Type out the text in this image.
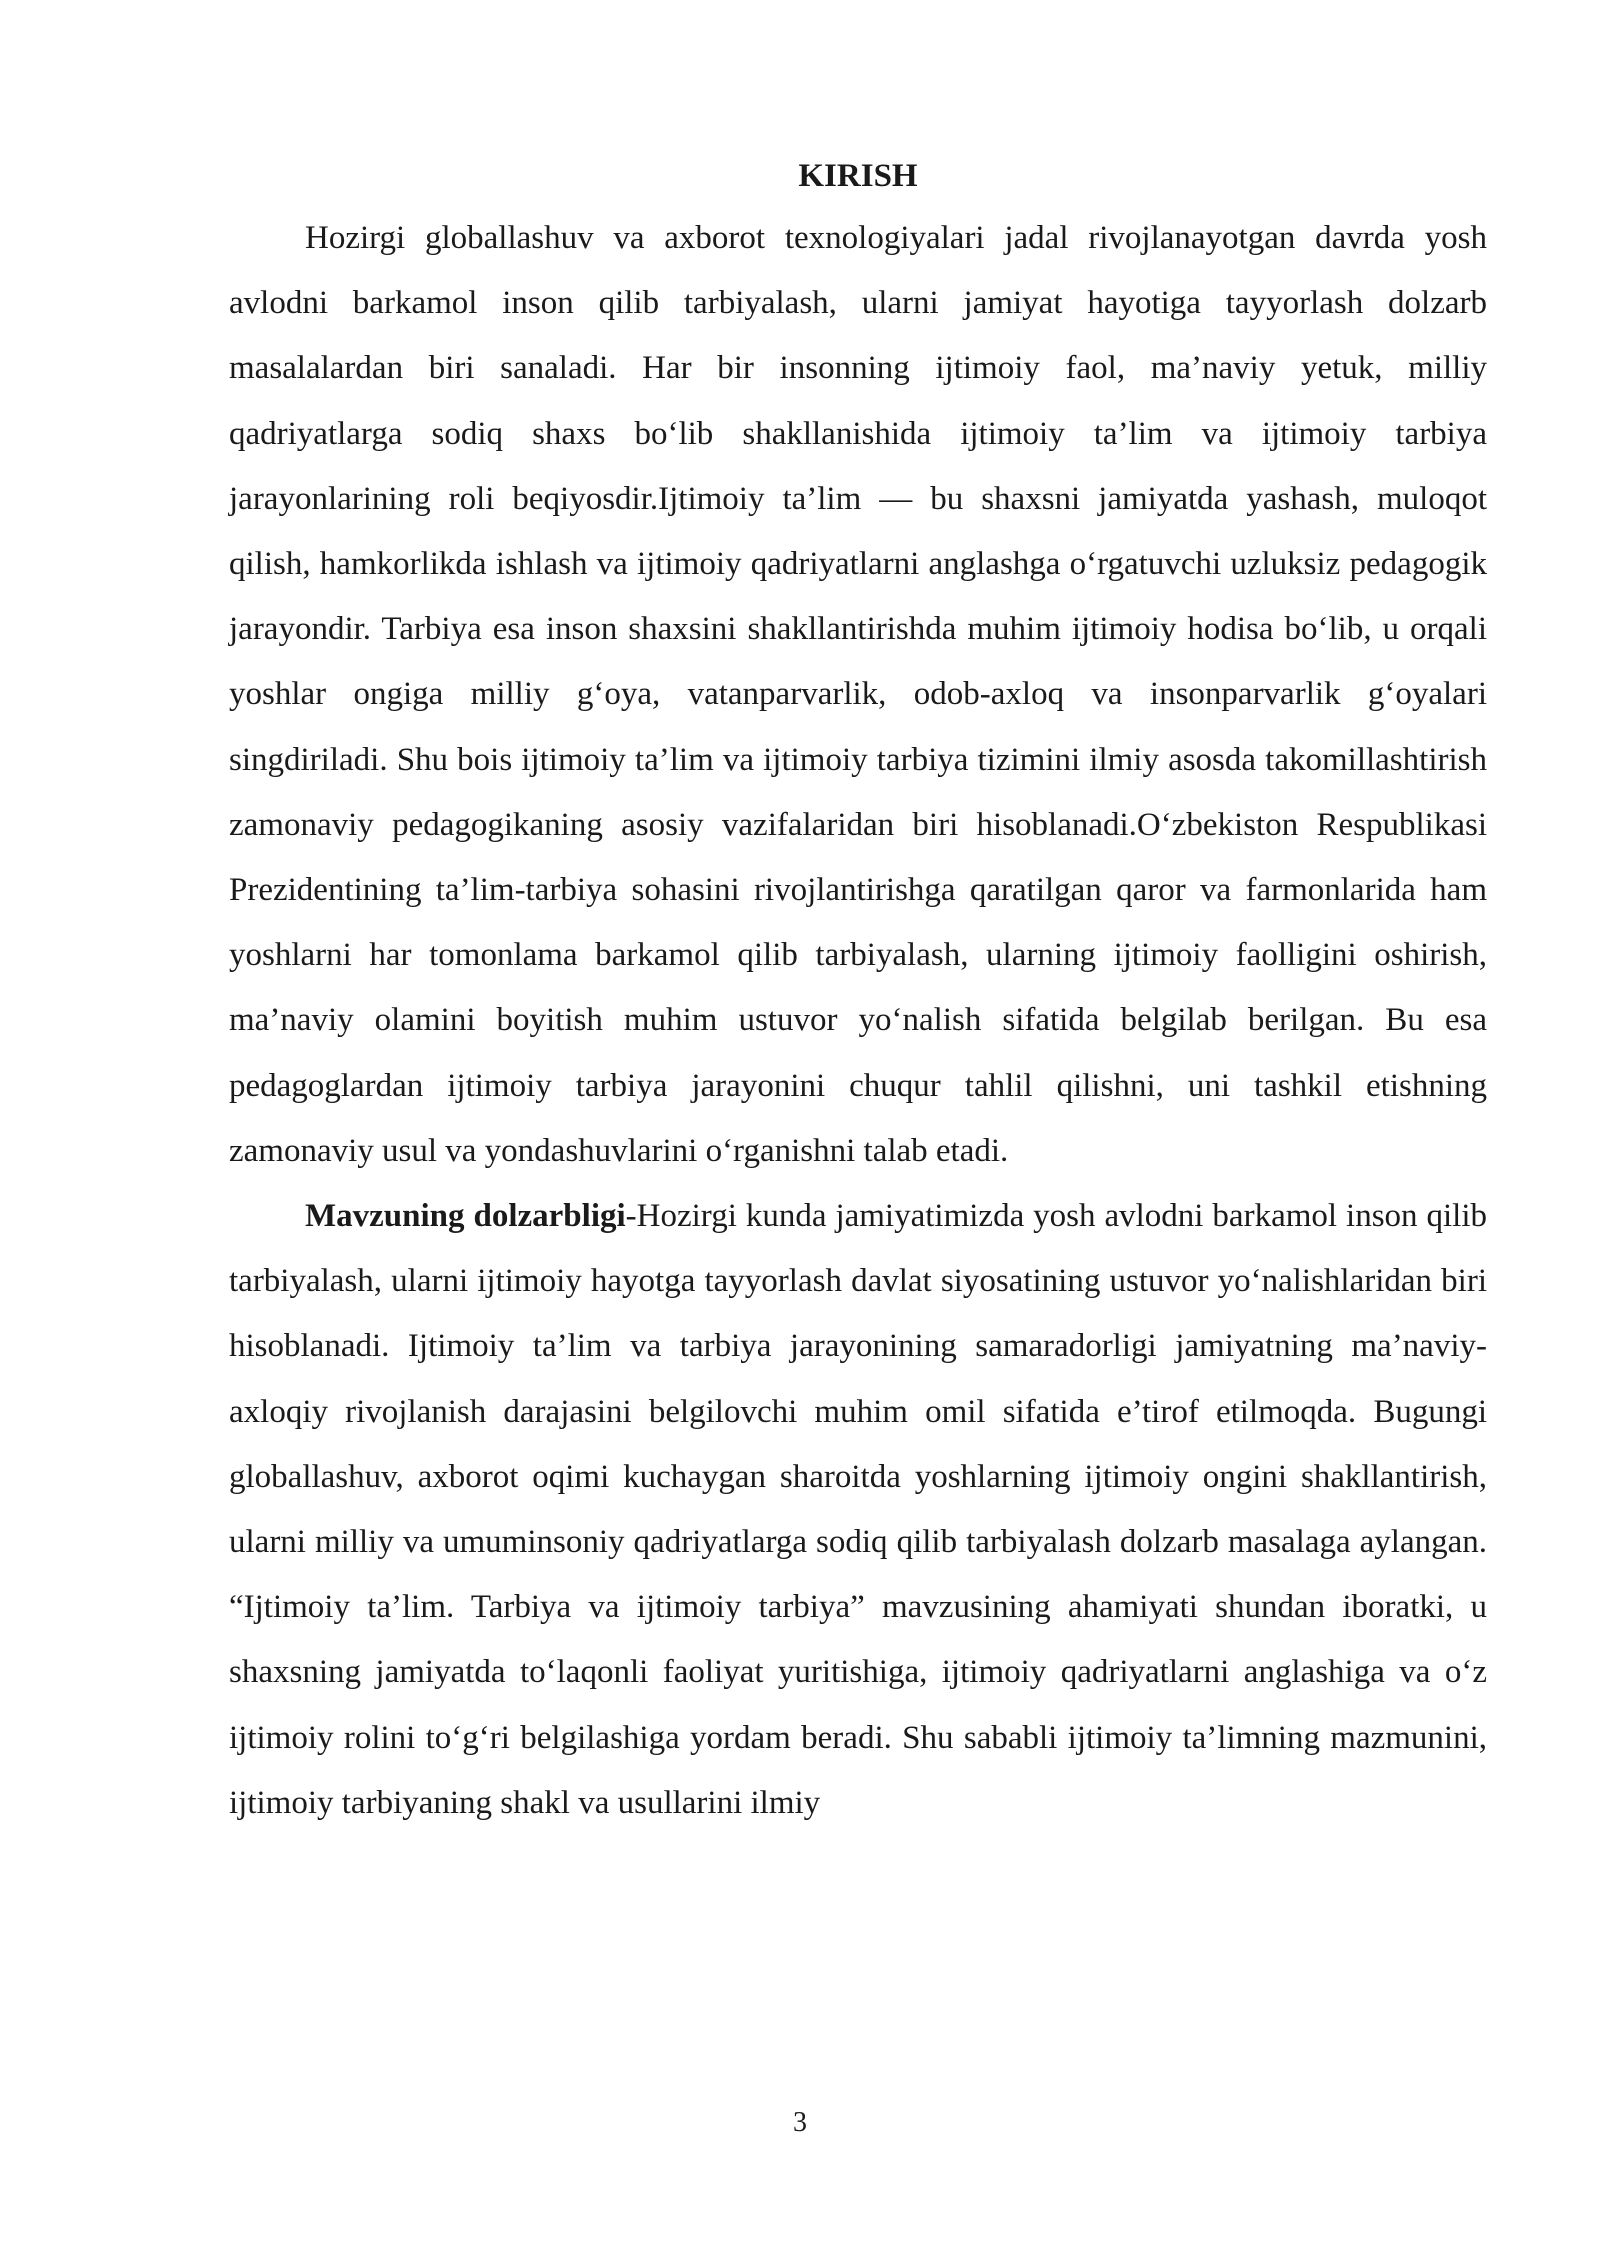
KIRISH

Hozirgi globallashuv va axborot texnologiyalari jadal rivojlanayotgan davrda yosh avlodni barkamol inson qilib tarbiyalash, ularni jamiyat hayotiga tayyorlash dolzarb masalalardan biri sanaladi. Har bir insonning ijtimoiy faol, ma’naviy yetuk, milliy qadriyatlarga sodiq shaxs bo‘lib shakllanishida ijtimoiy ta’lim va ijtimoiy tarbiya jarayonlarining roli beqiyosdir.Ijtimoiy ta’lim — bu shaxsni jamiyatda yashash, muloqot qilish, hamkorlikda ishlash va ijtimoiy qadriyatlarni anglashga o‘rgatuvchi uzluksiz pedagogik jarayondir. Tarbiya esa inson shaxsini shakllantirishda muhim ijtimoiy hodisa bo‘lib, u orqali yoshlar ongiga milliy g‘oya, vatanparvarlik, odob-axloq va insonparvarlik g‘oyalari singdiriladi. Shu bois ijtimoiy ta’lim va ijtimoiy tarbiya tizimini ilmiy asosda takomillashtirish zamonaviy pedagogikaning asosiy vazifalaridan biri hisoblanadi.O‘zbekiston Respublikasi Prezidentining ta’lim-tarbiya sohasini rivojlantirishga qaratilgan qaror va farmonlarida ham yoshlarni har tomonlama barkamol qilib tarbiyalash, ularning ijtimoiy faolligini oshirish, ma’naviy olamini boyitish muhim ustuvor yo‘nalish sifatida belgilab berilgan. Bu esa pedagoglardan ijtimoiy tarbiya jarayonini chuqur tahlil qilishni, uni tashkil etishning zamonaviy usul va yondashuvlarini o‘rganishni talab etadi.

Mavzuning dolzarbligi-Hozirgi kunda jamiyatimizda yosh avlodni barkamol inson qilib tarbiyalash, ularni ijtimoiy hayotga tayyorlash davlat siyosatining ustuvor yo‘nalishlaridan biri hisoblanadi. Ijtimoiy ta’lim va tarbiya jarayonining samaradorligi jamiyatning ma’naviy-axloqiy rivojlanish darajasini belgilovchi muhim omil sifatida e’tirof etilmoqda. Bugungi globallashuv, axborot oqimi kuchaygan sharoitda yoshlarning ijtimoiy ongini shakllantirish, ularni milliy va umuminsoniy qadriyatlarga sodiq qilib tarbiyalash dolzarb masalaga aylangan. “Ijtimoiy ta’lim. Tarbiya va ijtimoiy tarbiya” mavzusining ahamiyati shundan iboratki, u shaxsning jamiyatda to‘laqonli faoliyat yuritishiga, ijtimoiy qadriyatlarni anglashiga va o‘z ijtimoiy rolini to‘g‘ri belgilashiga yordam beradi. Shu sababli ijtimoiy ta’limning mazmunini, ijtimoiy tarbiyaning shakl va usullarini ilmiy

3
